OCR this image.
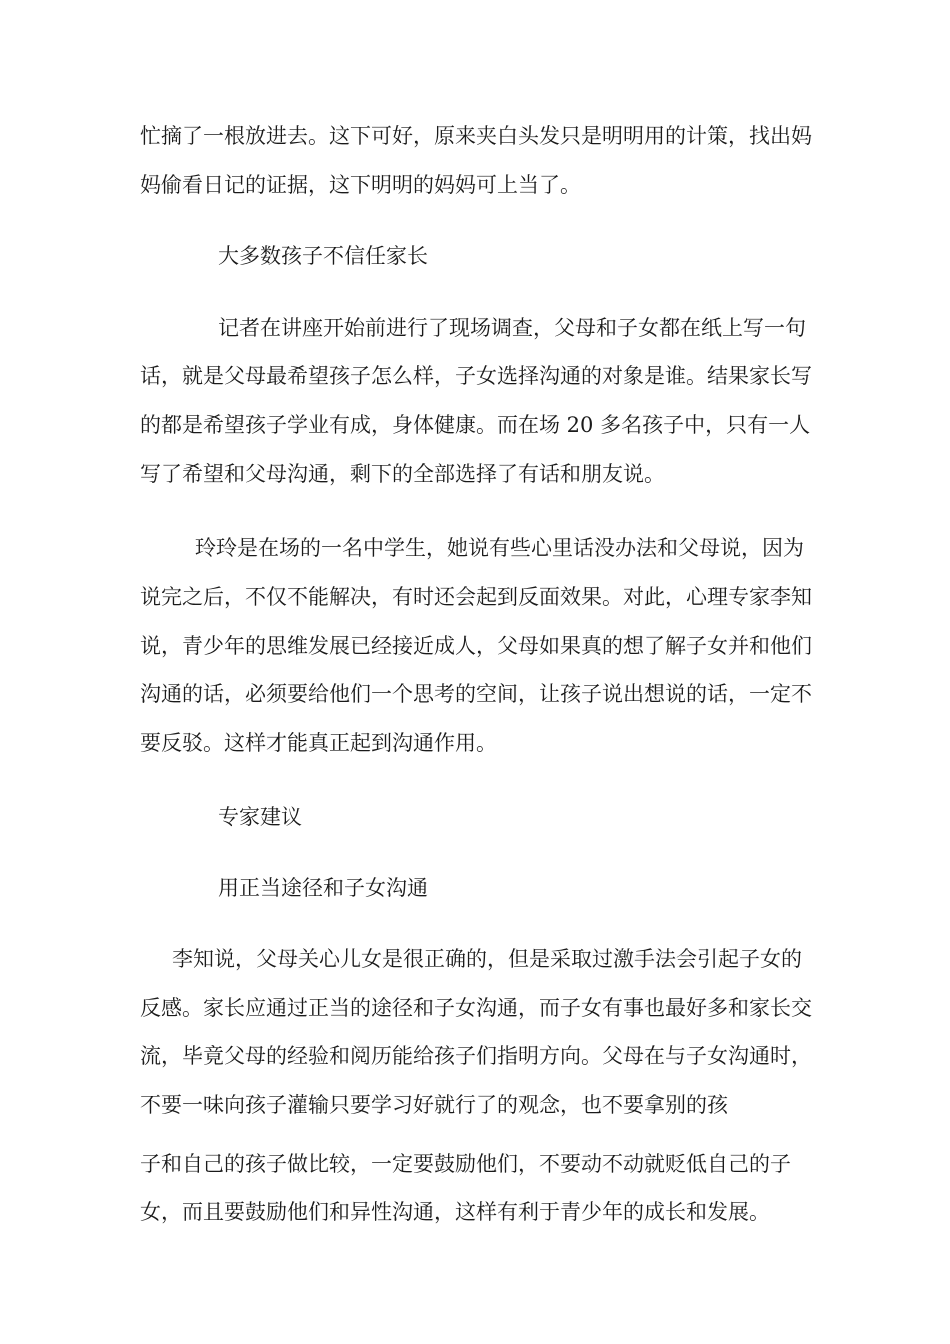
忙摘了一根放进去。这下可好，原来夹白头发只是明明用的计策，找出妈
妈偷看日记的证据，这下明明的妈妈可上当了。
大多数孩子不信任家长
记者在讲座开始前进行了现场调查，父母和子女都在纸上写一句
话，就是父母最希望孩子怎么样，子女选择沟通的对象是谁。结果家长写
的都是希望孩子学业有成，身体健康。而在场 20 多名孩子中，只有一人
写了希望和父母沟通，剩下的全部选择了有话和朋友说。
玲玲是在场的一名中学生，她说有些心里话没办法和父母说，因为
说完之后，不仅不能解决，有时还会起到反面效果。对此，心理专家李知
说，青少年的思维发展已经接近成人，父母如果真的想了解子女并和他们
沟通的话，必须要给他们一个思考的空间，让孩子说出想说的话，一定不
要反驳。这样才能真正起到沟通作用。
专家建议
用正当途径和子女沟通
李知说，父母关心儿女是很正确的，但是采取过激手法会引起子女的
反感。家长应通过正当的途径和子女沟通，而子女有事也最好多和家长交
流，毕竟父母的经验和阅历能给孩子们指明方向。父母在与子女沟通时，
不要一味向孩子灌输只要学习好就行了的观念，也不要拿别的孩
子和自己的孩子做比较，一定要鼓励他们，不要动不动就贬低自己的子
女，而且要鼓励他们和异性沟通，这样有利于青少年的成长和发展。
